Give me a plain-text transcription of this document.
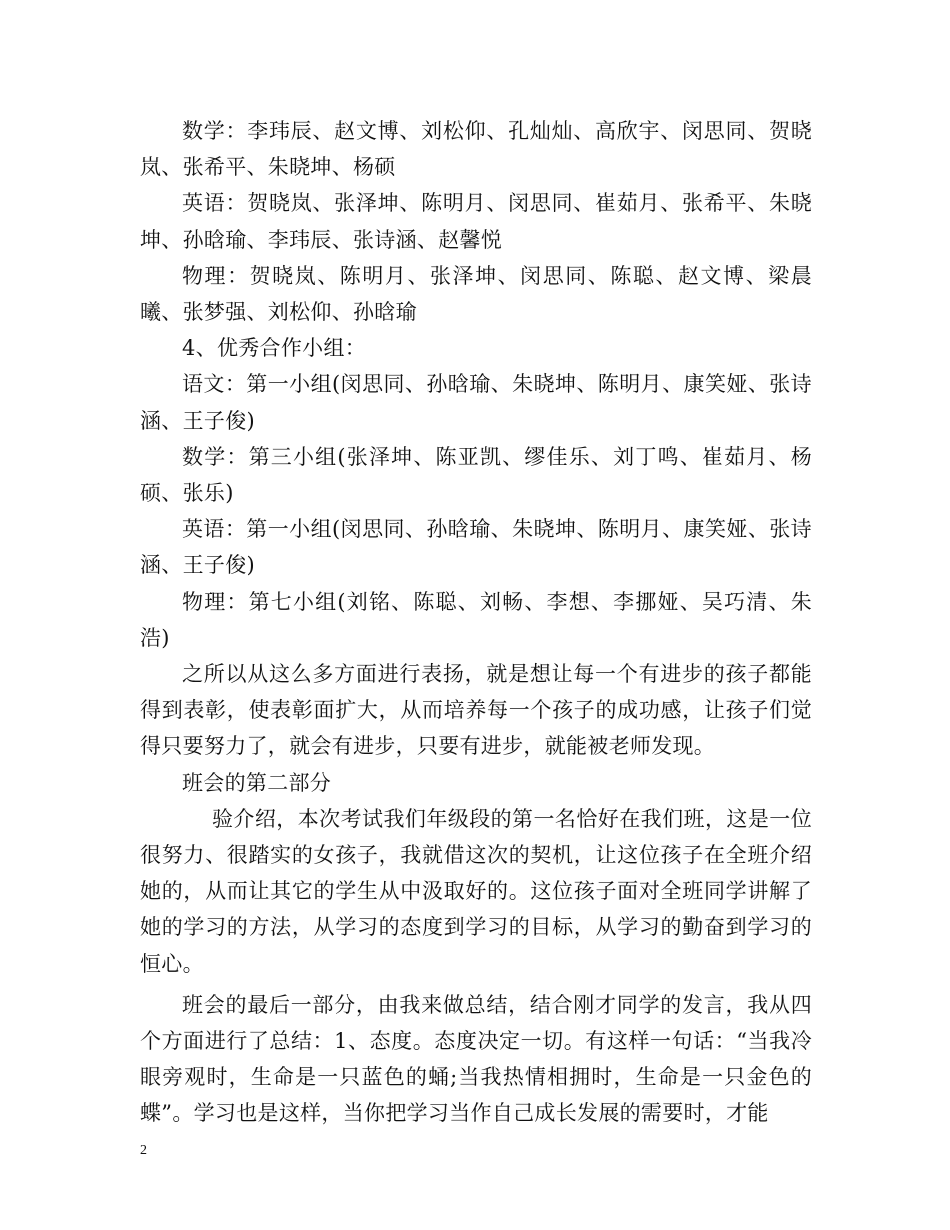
数学：李玮辰、赵文博、刘松仰、孔灿灿、高欣宇、闵思同、贺晓岚、张希平、朱晓坤、杨硕

英语：贺晓岚、张泽坤、陈明月、闵思同、崔茹月、张希平、朱晓坤、孙晗瑜、李玮辰、张诗涵、赵馨悦

物理：贺晓岚、陈明月、张泽坤、闵思同、陈聪、赵文博、梁晨曦、张梦强、刘松仰、孙晗瑜

4、优秀合作小组：

语文：第一小组(闵思同、孙晗瑜、朱晓坤、陈明月、康笑娅、张诗涵、王子俊)

数学：第三小组(张泽坤、陈亚凯、缪佳乐、刘丁鸣、崔茹月、杨硕、张乐)

英语：第一小组(闵思同、孙晗瑜、朱晓坤、陈明月、康笑娅、张诗涵、王子俊)

物理：第七小组(刘铭、陈聪、刘畅、李想、李挪娅、吴巧清、朱浩)

之所以从这么多方面进行表扬，就是想让每一个有进步的孩子都能得到表彰，使表彰面扩大，从而培养每一个孩子的成功感，让孩子们觉得只要努力了，就会有进步，只要有进步，就能被老师发现。

班会的第二部分

验介绍，本次考试我们年级段的第一名恰好在我们班，这是一位很努力、很踏实的女孩子，我就借这次的契机，让这位孩子在全班介绍她的，从而让其它的学生从中汲取好的。这位孩子面对全班同学讲解了她的学习的方法，从学习的态度到学习的目标，从学习的勤奋到学习的恒心。

班会的最后一部分，由我来做总结，结合刚才同学的发言，我从四个方面进行了总结：1、态度。态度决定一切。有这样一句话：“当我冷眼旁观时，生命是一只蓝色的蛹;当我热情相拥时，生命是一只金色的蝶”。学习也是这样，当你把学习当作自己成长发展的需要时，才能

2
